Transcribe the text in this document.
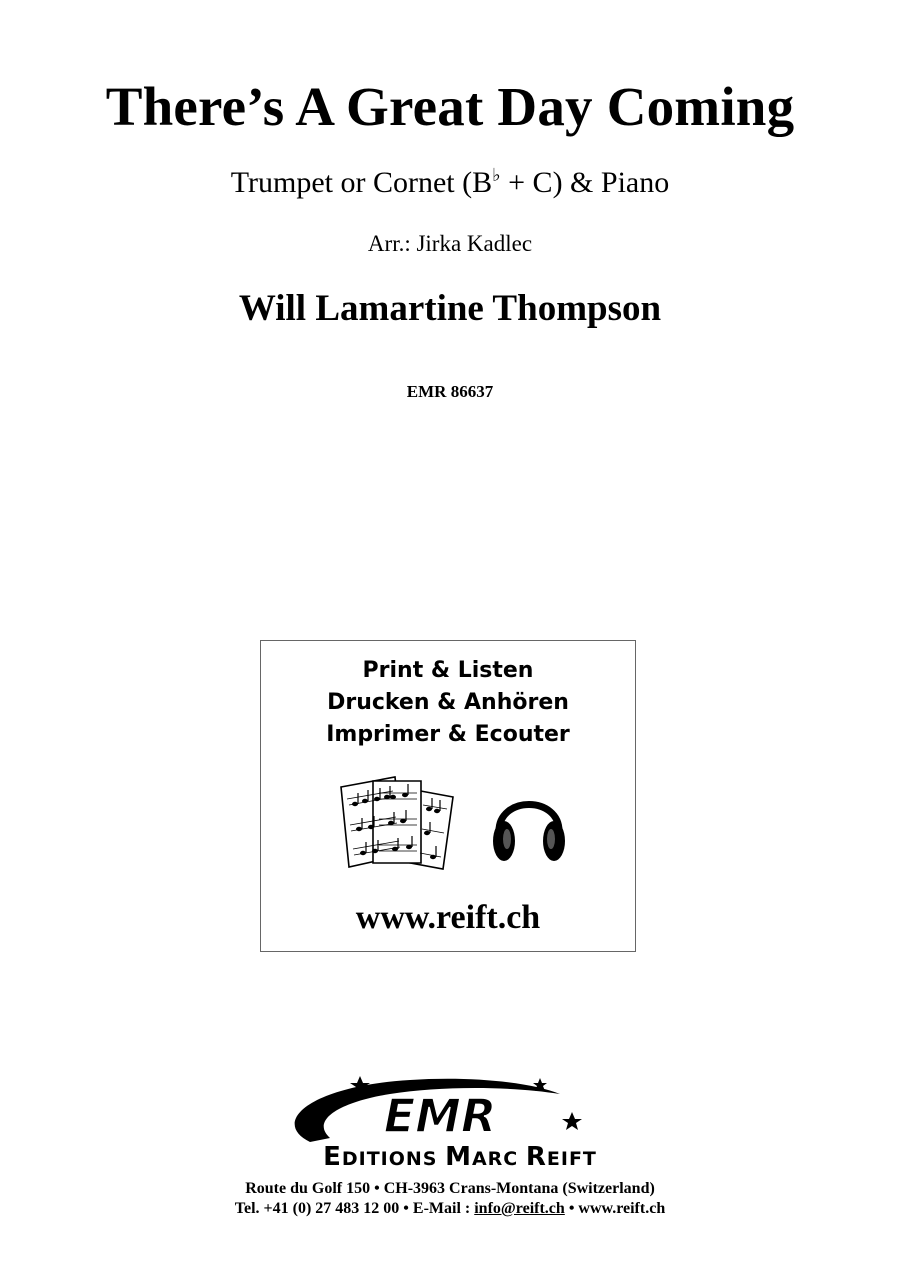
There’s A Great Day Coming
Trumpet or Cornet (B♭ + C) & Piano
Arr.: Jirka Kadlec
Will Lamartine Thompson
EMR 86637
Print & Listen
Drucken & Anhören
Imprimer & Ecouter
www.reift.ch
EMR
EDITIONS MARC REIFT
Route du Golf 150 • CH-3963 Crans-Montana (Switzerland)
Tel. +41 (0) 27 483 12 00 • E-Mail : info@reift.ch • www.reift.ch
